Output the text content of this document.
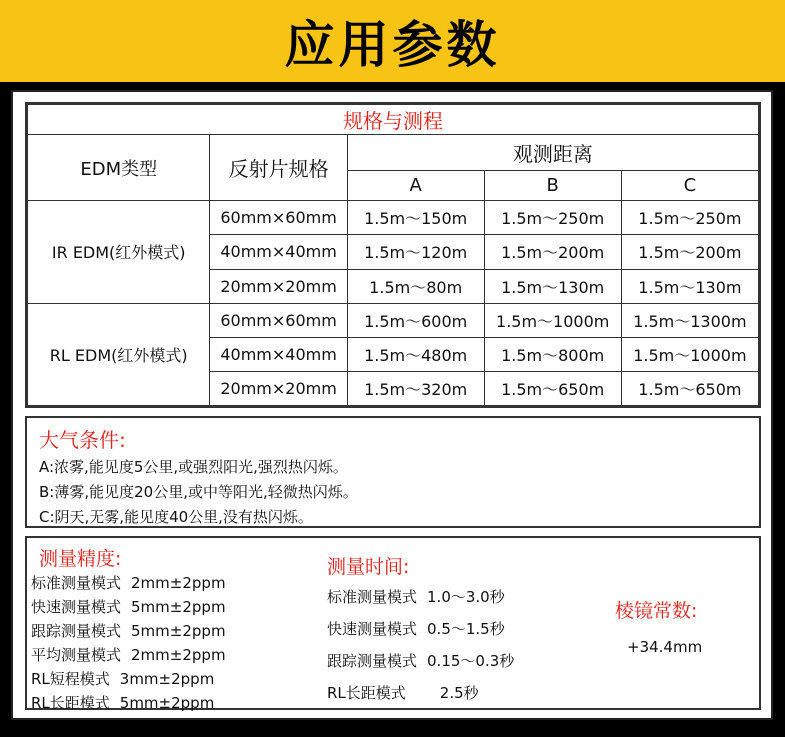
应用参数
规格与测程				
EDM类型	反射片规格	观测距离		
		A	B	C
IR EDM(红外模式)	60mm×60mm	1.5m～150m	1.5m～250m	1.5m～250m
	40mm×40mm	1.5m～120m	1.5m～200m	1.5m～200m
	20mm×20mm	1.5m～80m	1.5m～130m	1.5m～130m
RL EDM(红外模式)	60mm×60mm	1.5m～600m	1.5m～1000m	1.5m～1300m
	40mm×40mm	1.5m～480m	1.5m～800m	1.5m～1000m
	20mm×20mm	1.5m～320m	1.5m～650m	1.5m～650m
大气条件:
A:浓雾,能见度5公里,或强烈阳光,强烈热闪烁。
B:薄雾,能见度20公里,或中等阳光,轻微热闪烁。
C:阴天,无雾,能见度40公里,没有热闪烁。
测量精度:
标准测量模式 2mm±2ppm
快速测量模式 5mm±2ppm
跟踪测量模式 5mm±2ppm
平均测量模式 2mm±2ppm
RL短程模式 3mm±2ppm
RL长距模式 5mm±2ppm
测量时间:
标准测量模式 1.0～3.0秒
快速测量模式 0.5～1.5秒
跟踪测量模式 0.15～0.3秒
RL长距模式 2.5秒
棱镜常数:
+34.4mm
